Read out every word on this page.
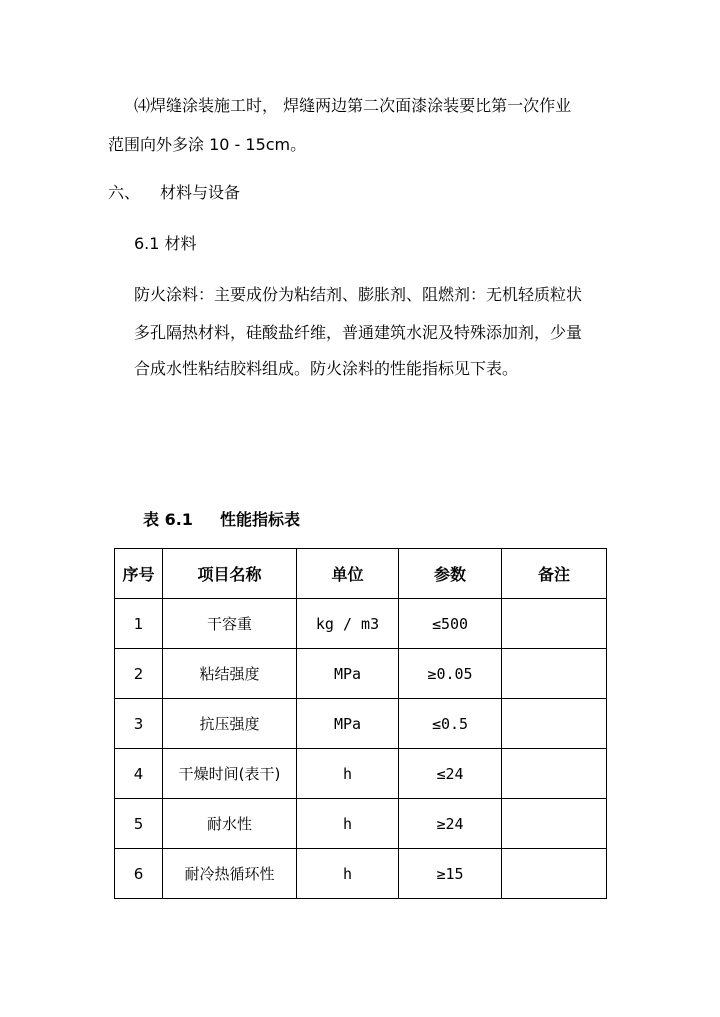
⑷焊缝涂装施工时， 焊缝两边第二次面漆涂装要比第一次作业
范围向外多涂 10 - 15cm。
六、 材料与设备
6.1 材料
防火涂料：主要成份为粘结剂、膨胀剂、阻燃剂：无机轻质粒状
多孔隔热材料，硅酸盐纤维，普通建筑水泥及特殊添加剂，少量
合成水性粘结胶料组成。防火涂料的性能指标见下表。
表 6.1 性能指标表
序号	项目名称	单位	参数	备注
1	干容重	kg / m3	≤500	
2	粘结强度	MPa	≥0.05	
3	抗压强度	MPa	≤0.5	
4	干燥时间(表干)	h	≤24	
5	耐水性	h	≥24	
6	耐冷热循环性	h	≥15	
